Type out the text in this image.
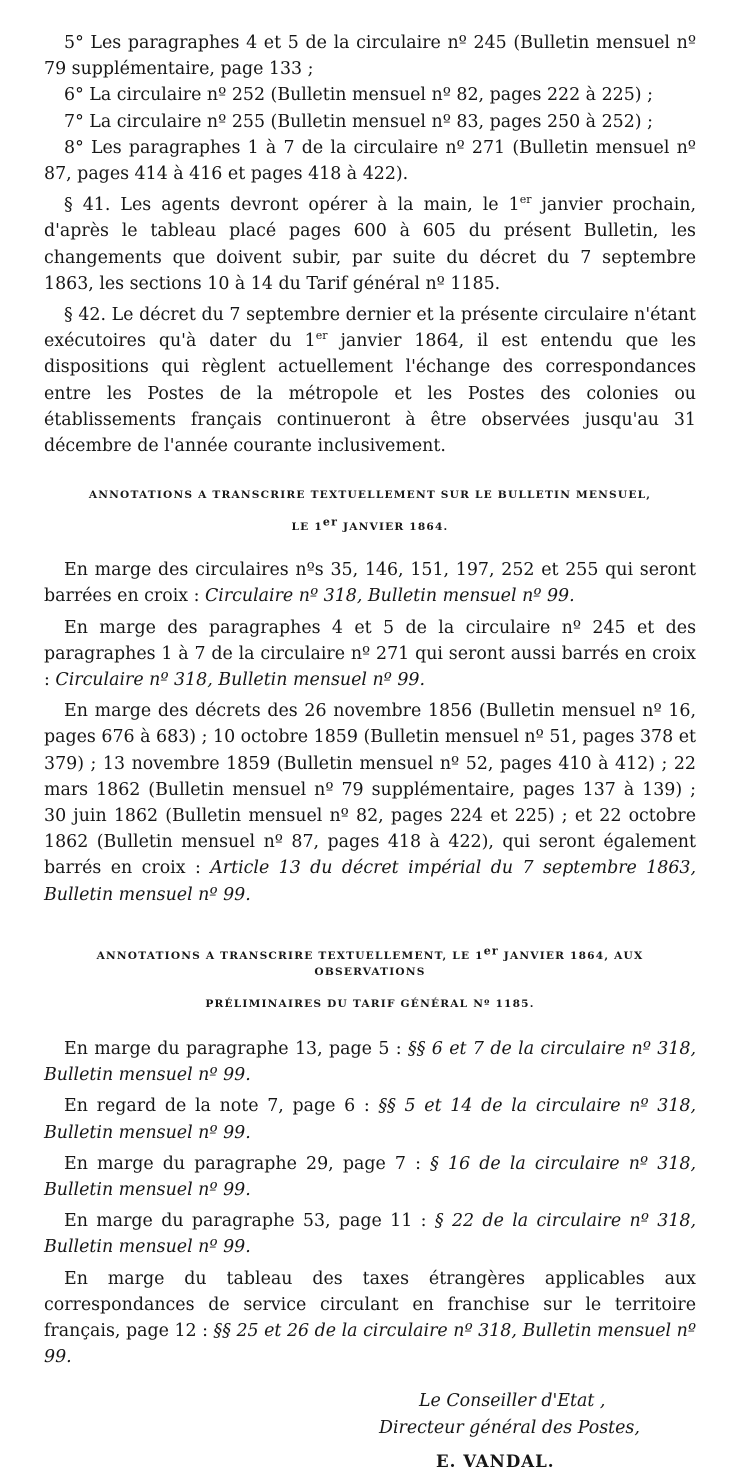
5° Les paragraphes 4 et 5 de la circulaire nº 245 (Bulletin mensuel nº 79 supplémentaire, page 133 ;

6° La circulaire nº 252 (Bulletin mensuel nº 82, pages 222 à 225) ;

7° La circulaire nº 255 (Bulletin mensuel nº 83, pages 250 à 252) ;

8° Les paragraphes 1 à 7 de la circulaire nº 271 (Bulletin mensuel nº 87, pages 414 à 416 et pages 418 à 422).

§ 41. Les agents devront opérer à la main, le 1er janvier prochain, d'après le tableau placé pages 600 à 605 du présent Bulletin, les changements que doivent subir, par suite du décret du 7 septembre 1863, les sections 10 à 14 du Tarif général nº 1185.

§ 42. Le décret du 7 septembre dernier et la présente circulaire n'étant exécutoires qu'à dater du 1er janvier 1864, il est entendu que les dispositions qui règlent actuellement l'échange des correspondances entre les Postes de la métropole et les Postes des colonies ou établissements français continueront à être observées jusqu'au 31 décembre de l'année courante inclusivement.

ANNOTATIONS A TRANSCRIRE TEXTUELLEMENT SUR LE BULLETIN MENSUEL,

LE 1er JANVIER 1864.

En marge des circulaires nºs 35, 146, 151, 197, 252 et 255 qui seront barrées en croix : Circulaire nº 318, Bulletin mensuel nº 99.

En marge des paragraphes 4 et 5 de la circulaire nº 245 et des paragraphes 1 à 7 de la circulaire nº 271 qui seront aussi barrés en croix : Circulaire nº 318, Bulletin mensuel nº 99.

En marge des décrets des 26 novembre 1856 (Bulletin mensuel nº 16, pages 676 à 683) ; 10 octobre 1859 (Bulletin mensuel nº 51, pages 378 et 379) ; 13 novembre 1859 (Bulletin mensuel nº 52, pages 410 à 412) ; 22 mars 1862 (Bulletin mensuel nº 79 supplémentaire, pages 137 à 139) ; 30 juin 1862 (Bulletin mensuel nº 82, pages 224 et 225) ; et 22 octobre 1862 (Bulletin mensuel nº 87, pages 418 à 422), qui seront également barrés en croix : Article 13 du décret impérial du 7 septembre 1863, Bulletin mensuel nº 99.

ANNOTATIONS A TRANSCRIRE TEXTUELLEMENT, LE 1er JANVIER 1864, AUX OBSERVATIONS

PRÉLIMINAIRES DU TARIF GÉNÉRAL Nº 1185.

En marge du paragraphe 13, page 5 : §§ 6 et 7 de la circulaire nº 318, Bulletin mensuel nº 99.

En regard de la note 7, page 6 : §§ 5 et 14 de la circulaire nº 318, Bulletin mensuel nº 99.

En marge du paragraphe 29, page 7 : § 16 de la circulaire nº 318, Bulletin mensuel nº 99.

En marge du paragraphe 53, page 11 : § 22 de la circulaire nº 318, Bulletin mensuel nº 99.

En marge du tableau des taxes étrangères applicables aux correspondances de service circulant en franchise sur le territoire français, page 12 : §§ 25 et 26 de la circulaire nº 318, Bulletin mensuel nº 99.

Le Conseiller d'Etat ,
Directeur général des Postes,
E. VANDAL.
